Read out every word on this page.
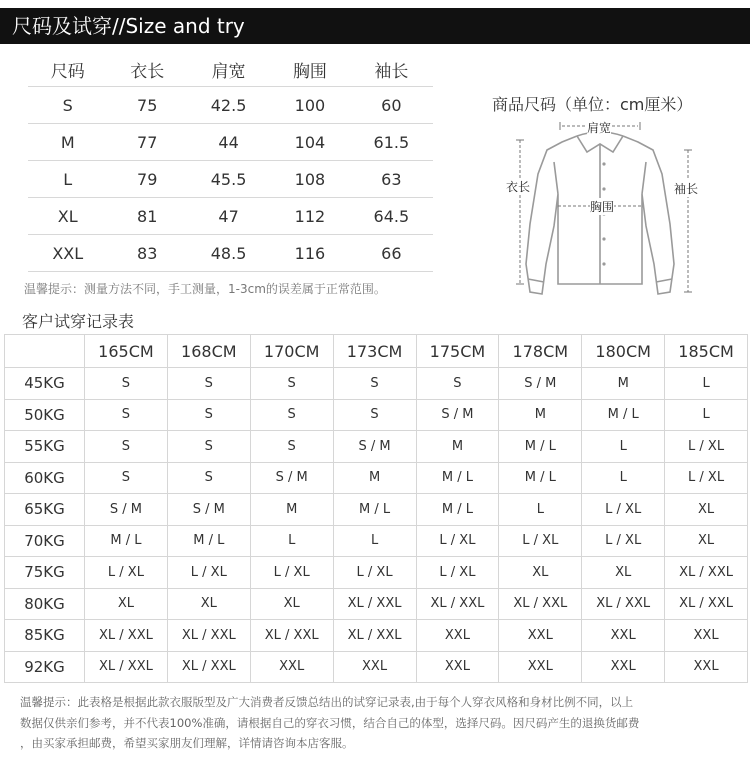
尺码及试穿//Size and try
尺码	衣长	肩宽	胸围	袖长
S	75	42.5	100	60
M	77	44	104	61.5
L	79	45.5	108	63
XL	81	47	112	64.5
XXL	83	48.5	116	66
温馨提示：测量方法不同，手工测量，1-3cm的误差属于正常范围。
商品尺码（单位：cm厘米）
肩宽
衣长
胸围
袖长
客户试穿记录表
	165CM	168CM	170CM	173CM	175CM	178CM	180CM	185CM
45KG	S	S	S	S	S	S / M	M	L
50KG	S	S	S	S	S / M	M	M / L	L
55KG	S	S	S	S / M	M	M / L	L	L / XL
60KG	S	S	S / M	M	M / L	M / L	L	L / XL
65KG	S / M	S / M	M	M / L	M / L	L	L / XL	XL
70KG	M / L	M / L	L	L	L / XL	L / XL	L / XL	XL
75KG	L / XL	L / XL	L / XL	L / XL	L / XL	XL	XL	XL / XXL
80KG	XL	XL	XL	XL / XXL	XL / XXL	XL / XXL	XL / XXL	XL / XXL
85KG	XL / XXL	XL / XXL	XL / XXL	XL / XXL	XXL	XXL	XXL	XXL
92KG	XL / XXL	XL / XXL	XXL	XXL	XXL	XXL	XXL	XXL
温馨提示：此表格是根据此款衣服版型及广大消费者反馈总结出的试穿记录表,由于每个人穿衣风格和身材比例不同，以上
数据仅供亲们参考，并不代表100%准确，请根据自己的穿衣习惯，结合自己的体型，选择尺码。因尺码产生的退换货邮费
，由买家承担邮费，希望买家朋友们理解，详情请咨询本店客服。
